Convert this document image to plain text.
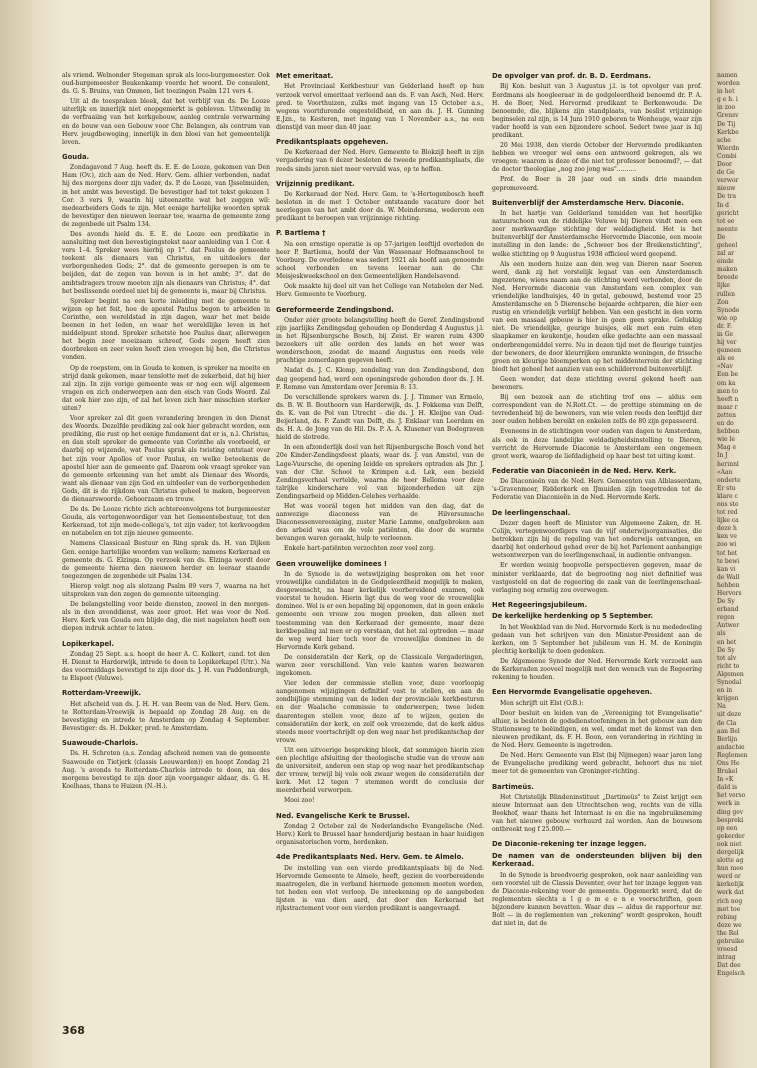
als vriend. Welnonder Stegeman sprak als loco-burgemeester. Ook oud-burgemeester Beukenkamp voerde het woord. De consulent, ds. G. S. Bruins, van Ommen, liet toezingen Psalm 121 vers 4.

Uit al de toespraken bleek, dat het verblijf van ds. De Looze uiterlijk en innerlijk niet onopgemerkt is gebleven. Uitwendig in de verfraaiing van het kerkgebouw, aanleg centrale verwarming en de bouw van een Gebouw voor Chr. Belangen, als centrum van Herv. jeugdbeweging, innerlijk in den bloei van het gemeentelijk leven.

Gouda.

Zondagavond 7 Aug. heeft ds. E. E. de Looze, gekomen van Den Ham (Ov.), zich aan de Ned. Herv. Gem. alhier verbonden, nadat hij des morgens door zijn vader, ds. P. de Looze, van IJsselmuiden, in het ambt was bevestigd. De bevestiger had tot tekst gekozen 1 Cor. 3 vers 9, waarin hij uiteenzette wat het zeggen wil: medearbeiders Gods te zijn. Met eenige hartelijke woorden sprak de bevestiger den nieuwen leeraar toe, waarna de gemeente zong de zegenbede uit Psalm 134.

Des avonds hield ds. E. E. de Looze een predikatie in aansluiting met den bevestigingstekst naar aanleiding van 1 Cor. 4 vers 1–4. Spreker wees hierbij op 1°. dat Paulus de gemeente teekent als dienaars van Christus, en uitdeelers der verborgenheden Gods; 2°. dat de gemeente geroepen is om te beijden, dat de zegen van boven is in het ambt; 3°. dat de ambtsdragers trouw moeten zijn als dienaars van Christus; 4°. dat het beslissende oordeel niet bij de gemeente is, maar bij Christus.

Spreker begint na een korte inleiding met de gemeente te wijzen op het feit, hoe de apostel Paulus begon te arbeiden in Corinthe, een wereldstad in zijn dagen, waar het met beide beenen in het leden, en waar het wereldlijke leven in het middelpunt stond. Spreker schetste hoe Paulus daar, allerwegen het begin zeer moeizaam schreef, Gods zegen heeft zien doorbreken en zeer velen heeft zien vroegen bij hen, die Christus vonden.

Op de roepstem, om in Gouda te komen, is spreker na moeite en strijd dank gekomen, maar tenslotte met de zekerheid, dat hij hier zal zijn. In zijn vorige gemeente was er nog een wijl algemeen vragen en zich onderworpen aan den eisch van Gods Woord. Zal dat ook hier zoo zijn, of zal het leven zich hier misschien sterker uiten?

Voor spreker zal dit geen verandering brengen in den Dienst des Woords. Dezelfde prediking zal ook hier gebracht worden, een prediking, die rust op het eenige fundament dat er is, n.l. Christus, en dan stelt spreker de gemeente van Corinthe als voorbeeld, er daarbij op wijzende, wat Paulus sprak als twisting ontstaat over het zijn voor Apollos of voor Paulus, en welke beteekenis de apostel hier aan de gemeente gaf. Daarom ook vraagt spreker van de gemeente erkenning van het ambt als Dienaar des Woords, want als dienaar van zijn God en uitdeeler van de verborgenheden Gods, dit is de rijkdom van Christus geheel te maken, begeerven de dienaarswoorde. Gehoorzaam en trouw.

De ds. De Looze richte zich achtereenvolgens tot burgemeester Gouda, als vertegenwoordiger van het Gemeentebestuur, tot den Kerkeraad, tot zijn mede-collega's, tot zijn vader, tot kerkvoogden en notabelen en tot zijn nieuwe gemeente.

Namens Classicaal Bestuur en Ring sprak ds. H. van Dijken Gen. eenige hartelijke woorden van welkom; namens Kerkeraad en gemeente ds. G. Elzinga. Op verzoek van ds. Elzinga wordt door de gemeente hierna den nieuwen herder en leeraar staande toegezongen de zegenbede uit Psalm 134.

Hierop volgt nog als slotzang Psalm 89 vers 7, waarna na het uitspreken van den zegen de gemeente uiteenging.

De belangstelling voor beide diensten, zoowel in den morgen- als in den avonddienst, was zeer groot. Het was voor de Ned. Herv. Kerk van Gouda een blijde dag, die niet nagelaten heeft een diepen indruk achter te laten.

Lopikerkapel.

Zondag 25 Sept. a.s. hoopt de heer A. C. Kolkert, cand. tot den H. Dienst te Harderwijk, intrede te doen te Lopikerkapel (Utr.). Na des voormiddags bevestigd te zijn door ds. J. H. van Paddenburgh, te Elspeet (Veluwe).

Rotterdam-Vreewijk.

Het afscheid van ds. J. H. H. van Beem van de Ned. Herv. Gem. te Rotterdam-Vreewijk is bepaald op Zondag 28 Aug. en de bevestiging en intrede te Amsterdam op Zondag 4 September. Bevestiger: ds. H. Dekker, pred. te Amsterdam.

Suawoude-Charlois.

Ds. H. Schroten (a.s. Zondag afscheid nemen van de gemeente Suawoude en Tietjerk (classis Leeuwarden)) en hoopt Zondag 21 Aug. 's avonds te Rotterdam-Charlois intrede te doen, na des morgens bevestigd te zijn door zijn voorganger aldaar, ds. G. H. Koelhaas, thans te Huizen (N.-H.).

Met emeritaat.

Het Provinciaal Kerkbestuur van Gelderland heeft op hun verzoek vervol emeritaat verleend aan ds. F. van Asch, Ned. Herv. pred. te Voorthuizen, zulks met ingang van 15 October a.s., wegens voortdurende ongesteldheid, en aan ds. J. H. Gunning E.Jzn., te Kesteren, met ingang van 1 November a.s., na een dienstijd van meer dan 40 jaar.

Predikantsplaats opgeheven.

De Kerkeraad der Ned. Herv. Gemeente te Blokzijl heeft in zijn vergadering van 6 dezer besloten de tweede predikantsplaats, die reeds sinds jaren niet meer vervuld was, op te heffen.

Vrijzinnig predikant.

De Kerkeraad der Ned. Herv. Gem. te 's-Hertogenbosch heeft besloten in de met 1 October ontstaande vacature door het neerleggen van het ambt door ds. W. Meindersma, wederom een predikant te beroepen van vrijzinnige richting.

P. Bartlema †

Na een ernstige operatie is op 57-jarigen leeftijd overleden de heer P. Bartlema, hoofd der Van Wassenaar Hofmaanschool te Voorburg. De overledene was sedert 1921 als hoofd aan genoemde school verbonden en tevens leeraar aan de Chr. Meisjeskweekschool en den Gemeentelijken Handelsavond.

Ook maakte hij deel uit van het College van Notabelen der Ned. Herv. Gemeente te Voorburg.

Gereformeerde Zendingsbond.

Onder zéér groote belangstelling heeft de Geref. Zendingsbond zijn jaarlijks Zendingsdag gehouden op Donderdag 4 Augustus j.l. in het Rijsenburgsche Bosch, bij Zeist. Er waren ruim 4300 bezoekers uit alle oorden des lands en het weer was wonderschoon, zoodat de maand Augustus een reeds vele prachtige zomerdagen gegeven heeft.

Nadat ds. J. C. Klomp, zendeling van den Zendingsbond, den dag geopend had, werd een openingsrede gehouden door ds. J. H. F. Remme van Amsterdam over Jeremia 8: 13.

De verschillende sprekers waren ds. J. J. Timmer van Ermelo, ds. B. W. B. Bouthoorn van Harderwijk, ds. J. Fokkema van Delft, ds. K. van de Pol van Utrecht - die ds. J. H. Kleijne van Oud-Beijerland, ds. F. Zandt van Delft, ds. J. Enklaar van Leerdam en ds. H. A. de Jong van de Hil. Ds. P. A. A. Klusener van Bodegraven hield de slotrede.

In een afzonderlijk doel van het Rijsenburgsche Bosch vond het 20e Kinder-Zendingsfeest plaats, waar ds. J. van Amstel, van de Lage-Vuursche, de opening leidde en sprekers optraden als Jhr. J. van der Chr. School te Krimpen a.d. Lek, een bezield Zendingsverhaal vertelde, waarna de heer Belloma voor deze talrijke kinderschare vol van bijzonderheden uit zijn Zendingsarbeid op Midden-Celebes verhaalde.

Het was voorál tegen het midden van den dag, dat de aanwezige diaconess van de Hilversumsche Diaconessenvereeniging, zuster Marie Lamme, onafgebroken aan den arbeid was om de vele patiënten, die door de warmte bevangen waren geraakt, hulp te verleenen.

Enkele hart-patiënten verzochten zeer veel zorg.

Geen vrouwelijke dominees !

In de Synode is de wetswijziging besproken om het voor vrouwelijke candidaten in de Godgeleerdheid mogelijk te maken, desgewenscht, na haar kerkelijk voorbereidend examen, ook voorstel te houden. Hierin ligt dus de weg voor de vrouwelijke dominee. Wel is er een bepaling bij opgenomen, dat in geen enkele gemeente een vrouw zou mogen preeken, dan alleen met toestemming van den Kerkeraad der gemeente, maar deze kerkbepaling zal men er op verstaan, dat het zal optreden — maar de weg werd hier toch voor de vrouwelijke dominee in de Hervormde Kerk geband.

De consideratiën der Kerk, op de Classicale Vergaderingen, waren zeer verschillend. Van vele kanten waren bezwaren ingekomen.

Vier leden der commissie stellen voor, deze voorloopig aangenomen wijzigingen definitief vast te stellen, en aan de zondbijlige stemming van de leden der provinciale kerkbesturen en der Waalsche commissie te onderwerpen; twee leden daarentegen stellen voor, deze af te wijzen, gezien de consideratiën der kerk, en zelf ook vreezende, dat de kerk aldus steeds meer voortschrijdt op den weg naar het predikantschap der vrouw.

Uit een uitvoerige bespreking bleek, dat sommigen hierin zien een plechtige afsluiting der theologische studie van de vrouw aan de universiteit, anderen een stap op weg naar het predikantschap der vrouw, terwijl bij vele ook zwaar wegen de consideratiën der kerk. Met 12 tegen 7 stemmen wordt de conclusie der meerderheid verworpen.

Mooi zoo!

Ned. Evangelische Kerk te Brussel.

Zondag 2 October zal de Nederlandsche Evangelische (Ned. Herv.) Kerk te Brussel haar honderdjarig bestaan in haar huidigen organisatorischen vorm, herdenken.

4de Predikantsplaats Ned. Herv. Gem. te Almelo.

De instelling van een vierde predikantsplaats bij de Ned. Hervormde Gemeente te Almelo, heeft, gezien de voorbereidende maatregelen, die in verband hiermede genomen moeten worden, tot heden een vlot verloop. De inteekening op de aangeboden lijsten is van dien aard, dat door den Kerkeraad het rijkstractement voor een vierden predikant is aangevraagd.

De opvolger van prof. dr. B. D. Eerdmans.

Bij Kon. besluit van 3 Augustus j.l. is tot opvolger van prof. Eerdmans als hoogleeraar in de godgeleerdheid benoemd dr. P. A. H. de Boer, Ned. Hervormd predikant te Berkenwoude. De benoemde, die, blijkens zijn standplaats, van beslist vrijzinnige beginselen zal zijn, is 14 Juni 1910 geboren te Wonheuge, waar zijn vader hoofd is van een bijzondere school. Sedert twee jaar is hij predikant.

20 Mei 1938, den vierde October der Hervormde predikanten hebben we vroeger wel eens een antwoord gekregen, als we vroegen: waarom is deze of die niet tot professor benoemd?, — dat de doctor theologiae „nog zoo jong was"..........

Prof. de Boer is 28 jaar oud en sinds drie maanden gepromoveerd.

Buitenverblijf der Amsterdamsche Herv. Diaconie.

In het hartje van Gelderland temidden van het heerlijke natuurschoon van de riddelijke Veluwe bij Dieren vindt men een zeer merkwaardige stichting der weldadigheid. Het is het buitenverblijf der Amsterdamsche Hervormde Diaconie, een mooie instelling in den lande: de „Schweer bos der Breikenstichting", welke stichting op 9 Augustus 1938 officieel werd geopend.

Als een modern huize aan den weg van Dieren naar Soeren werd, dank zij het vorstelijk legaat van een Amsterdamsch ingezetene, wiens naam aan de stichting werd verbonden, door de Ned. Hervormde diaconie van Amsterdam een complex van vriendelijke landhuisjes, 40 in getal, gebouwd, bestemd voor 25 Amsterdamsche en 5 Dierensche bejaarde echtparen, die hier een rustig en vriendelijk verblijf hebben. Van een gesticht in den vorm van een massaal gebouw is hier in geen geen sprake. Gelukkig niet. De vriendelijke, geurige huisjes, elk met een ruim eten slaapkamer en keukentje, houden elke gedachte aan een massaal onderbrengemiddel verre. Nu in dezen tijd met de fleurige tuintjes der bewoners, de door kleurrijken omrankte woningen, de frissche groen en kleurige bloemperken op het middenterrein der stichting biedt het geheel het aanzien van een schilderrend buitenverblijf.

Geen wonder, dat deze stichting overal gekend heeft aan bewoners.

Bij een bezoek aan de stichting trof ons — aldus een correspondent van de N.Rott.Ct. — de prettige stemming en de tevredenheid bij de bewoners, van wie velen reeds den leeftijd der zeer ouden hebben bereikt en enkelen zelfs de 80 zijn gepasseerd.

Eveneens in de stichtingen voor ouden van dagen te Amsterdam, als ook in deze landelijke weldadigheidsinstelling te Dieren, verricht de Hervormde Diaconie te Amsterdam een ongemeen groot werk, waarop de liefdadigheid op haar best tot uiting komt.

Federatie van Diaconieën in de Ned. Herv. Kerk.

De Diaconieën van de Ned. Herv. Gemeenten van Alblasserdam, 's-Gravenmoer, Ridderkerk en IJmuiden zijn toegetreden tot de Federatie van Diaconieën in de Ned. Hervormde Kerk.

De leerlingenschaal.

Dezer dagen heeft de Minister van Algemeene Zaken, dr. H. Colijn, vertegenwoordigers van de vijf onderwijsorganisaties, die betrokken zijn bij de regeling van het onderwijs ontvangen, en daarbij het onderhoud gehad over de bij het Parlement aanhangige wetsontwerpen van de leerlingenschaal, in audientie ontvangen.

Er werden weinig hoopvolle perspectieven gegeven, maar de minister verklaarde, dat de begrooting nog niet definitief was vastgesteld en dat de regeering de zaak van de leerlingenschaal-verlaging nog ernstig zou overwegen.

Het Regeeringsjubileum.
De kerkelijke herdenking op 5 September.

In het Weekblad van de Ned. Hervormde Kerk is nu mededeeling gedaan van het schrijven van den Minister-President aan de kerken, om 5 September het jubileum van H. M. de Koningin plechtig kerkelijk te doen gedenken.

De Algemeene Synode der Ned. Hervormde Kerk verzoekt aan de Kerkeraden zooveel mogelijk met den wensch van de Regeering rekening te houden.

Een Hervormde Evangelisatie opgeheven.

Men schrijft uit Elst (O.B.):

Door besluit en leiden van de „Vereeniging tot Evangelisatie" alhier, is besloten de godsdienstoefeningen in het gebouw aan den Stationsweg te beëindigen, en wel, omdat met de komst van den nieuwen predikant, ds. F. H. Boon, een verandering in richting in de Ned. Herv. Gemeente is ingetreden.

De Ned. Herv. Gemeente van Elst (bij Nijmegen) waar jaren lang de Evangelische prediking werd gebracht, behoort dus nu niet meer tot de gemeenten van Groninger-richting.

Bartimeüs.

Het Christelijk Blindeninstituut „Dartimeüs" te Zeist krijgt een nieuw Internaat aan den Utrechtschen weg, rechts van de villa Beekhof, waar thans het Internaat is en die na ingebruikneming van het nieuwe gebouw verhuurd zal worden. Aan de bouwsom ontbreekt nog f 25.000.—

De Diaconie-rekening ter inzage leggen.
De namen van de ondersteunden blijven bij den Kerkeraad.

In de Synode is breedvoerig gesproken, ook naar aanleiding van een voorstel uit de Classis Deventer, over het ter inzage leggen van de Diaconie-rekening voor de gemeente. Opgemerkt werd, dat de reglementen slechts a l g e m e e n e voorschriften, geen bijzondere kunnen bevatten. Waar dus — aldus de rapporteur mr. Bolt — in de reglementen van „rekening" wordt gesproken, houdt dat niet in, dat de

368
namen
worden
in het
g e h. i
in zoo
Grensv
De Tij
Kerkbe
sche
Wierdn
Combi
Door
de Ge
verwor
nieuw
De tra
In d
gericht
tot ee
neente
De
geheel
zal ar
einde
maken
breede
lijke
rullen
Zon
Synode
wie op
dr. F.
in Ge
hij ver
gemeen
als ee
«Nav
Een be
om ka
men to
heeft n
maar r
zetten
en do
hebben
wie le
Mag e
In J
herinnl
«Aan
onderte
Er stu
klare c
ons ste
tot red
lijke ca
deze h
ken ve
zoo wi
tot het
te bewi
kan vi
de Wall
hebben
Hervors
De Sy
erband
regen
Antwer
als
en het
De Sy
tot alv
richt to
Algemen
Synodal
en in
krijgen
Na
uit deze
de Cla
aan Bel
Berlijn
andachie
Reglemen
Ons He
Brukel
In «K
dald is
het verso
werk in
ding gev
bespreki
op een
gekerder
ook niet
dergelijk
slotte ag
hun mee
werd or
kerkelijk
werk dat
rich nog
met toe
rebing
deze we
the Rel
gebruike
vreesd
intrag
Dat dee
Engelsch
